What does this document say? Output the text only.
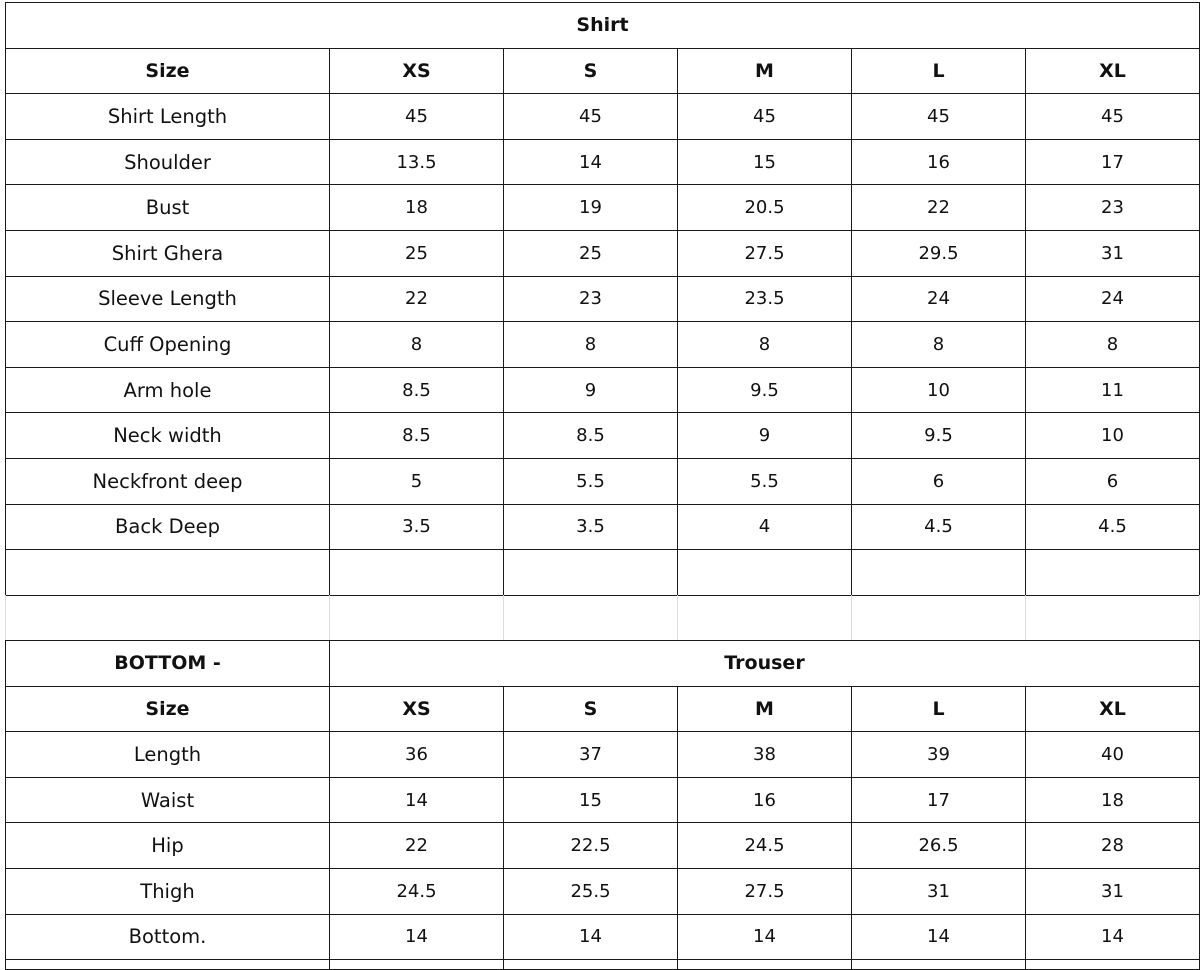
Shirt					
Size	XS	S	M	L	XL
Shirt Length	45	45	45	45	45
Shoulder	13.5	14	15	16	17
Bust	18	19	20.5	22	23
Shirt Ghera	25	25	27.5	29.5	31
Sleeve Length	22	23	23.5	24	24
Cuff Opening	8	8	8	8	8
Arm hole	8.5	9	9.5	10	11
Neck width	8.5	8.5	9	9.5	10
Neckfront deep	5	5.5	5.5	6	6
Back Deep	3.5	3.5	4	4.5	4.5

BOTTOM -	Trouser				
Size	XS	S	M	L	XL
Length	36	37	38	39	40
Waist	14	15	16	17	18
Hip	22	22.5	24.5	26.5	28
Thigh	24.5	25.5	27.5	31	31
Bottom.	14	14	14	14	14
